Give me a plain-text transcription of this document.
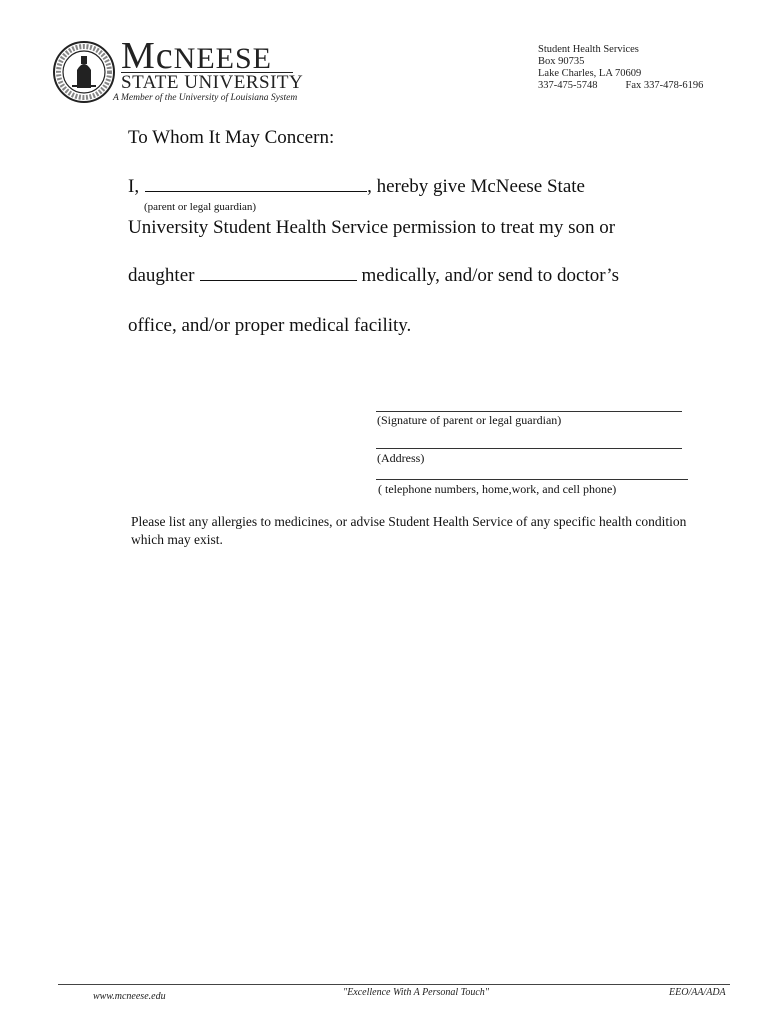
McNEESE
STATE UNIVERSITY
A Member of the University of Louisiana System
Student Health Services
Box 90735
Lake Charles, LA 70609
337-475-5748	Fax 337-478-6196
To Whom It May Concern:
I,	, hereby give McNeese State
(parent or legal guardian)
University Student Health Service permission to treat my son or
daughter	medically, and/or send to doctor’s
office, and/or proper medical facility.
(Signature of parent or legal guardian)
(Address)
( telephone numbers, home,work, and cell phone)
Please list any allergies to medicines, or advise Student Health Service of any specific health condition which may exist.
www.mcneese.edu	"Excellence With A Personal Touch"	EEO/AA/ADA
